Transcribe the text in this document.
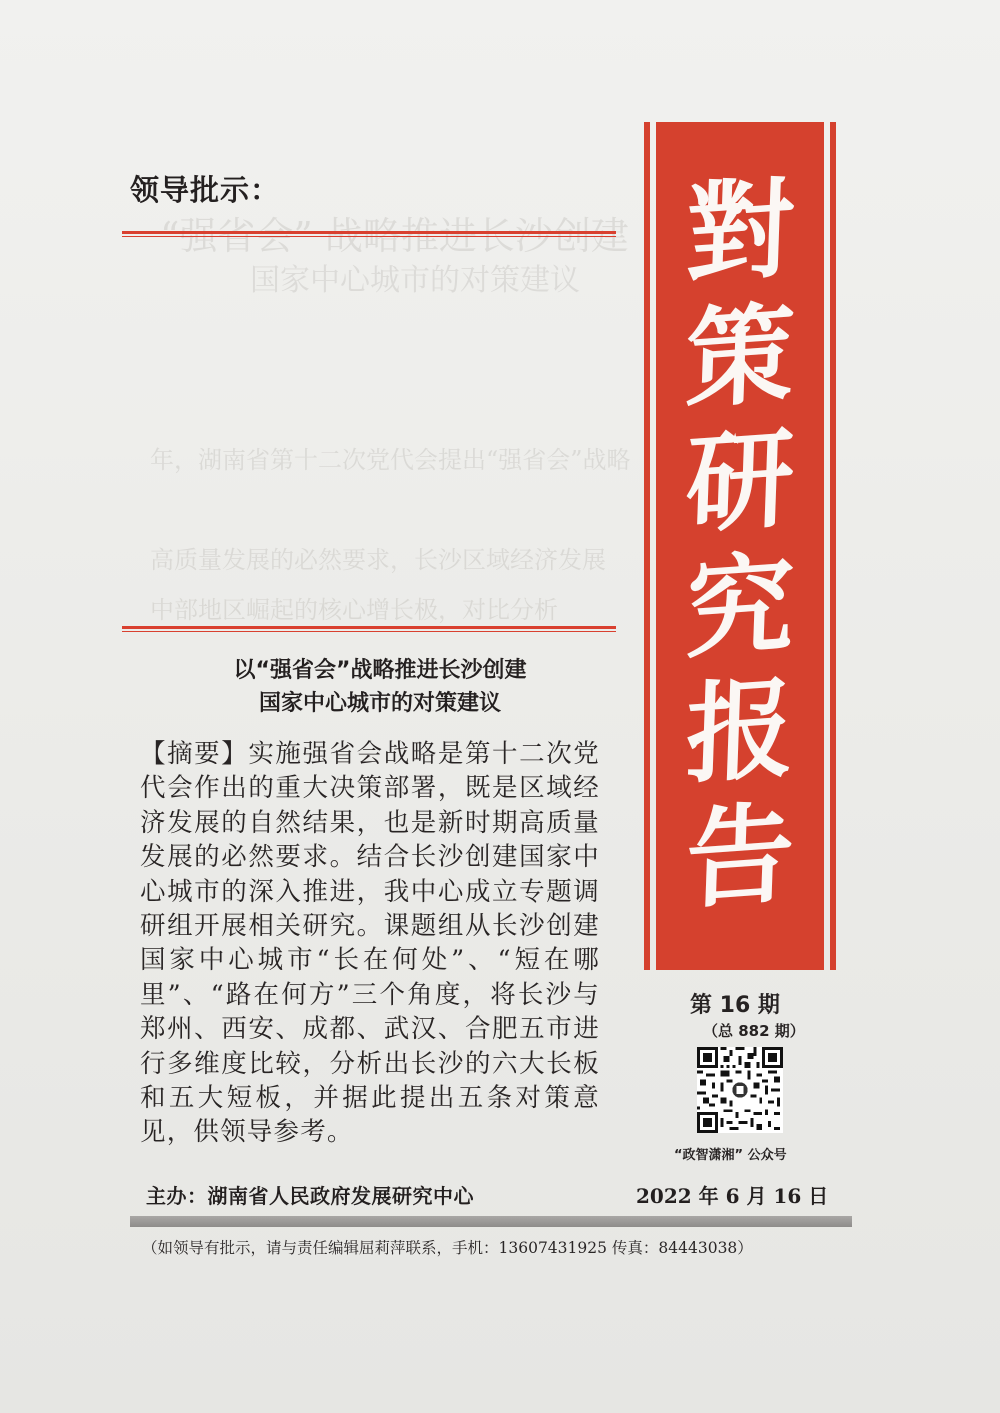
国家中心城市的对策建议
年，湖南省第十二次党代会提出“强省会”战略
高质量发展的必然要求，长沙区域经济发展
中部地区崛起的核心增长极，对比分析
领导批示：	對
策
研
究
报
告
第 16 期
（总 882 期）
“政智潇湘” 公众号
以“强省会”战略推进长沙创建
国家中心城市的对策建议
【摘要】实施强省会战略是第十二次党代会作出的重大决策部署，既是区域经济发展的自然结果，也是新时期高质量发展的必然要求。结合长沙创建国家中心城市的深入推进，我中心成立专题调研组开展相关研究。课题组从长沙创建国家中心城市“长在何处”、“短在哪里”、“路在何方”三个角度，将长沙与郑州、西安、成都、武汉、合肥五市进行多维度比较，分析出长沙的六大长板和五大短板，并据此提出五条对策意见，供领导参考。
主办：湖南省人民政府发展研究中心	2022 年 6 月 16 日
（如领导有批示，请与责任编辑屈莉萍联系，手机：13607431925 传真：84443038）
